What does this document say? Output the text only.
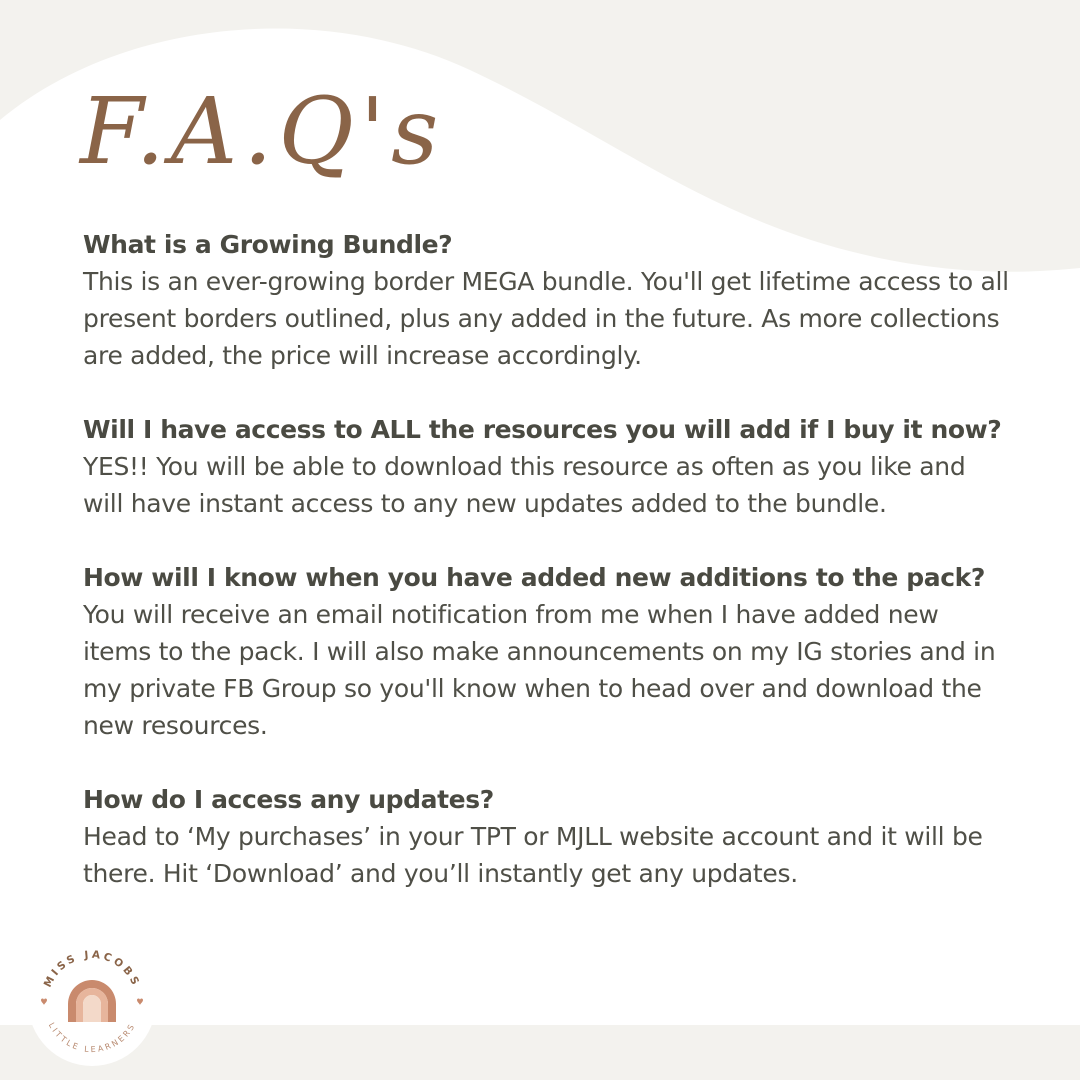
F.A.Q's
What is a Growing Bundle?
This is an ever-growing border MEGA bundle. You'll get lifetime access to all present borders outlined, plus any added in the future. As more collections are added, the price will increase accordingly.
Will I have access to ALL the resources you will add if I buy it now?
YES!! You will be able to download this resource as often as you like and will have instant access to any new updates added to the bundle.
How will I know when you have added new additions to the pack?
You will receive an email notification from me when I have added new items to the pack. I will also make announcements on my IG stories and in my private FB Group so you'll know when to head over and download the new resources.
How do I access any updates?
Head to ‘My purchases’ in your TPT or MJLL website account and it will be there. Hit ‘Download’ and you’ll instantly get any updates.
MISS JACOBS
LITTLE LEARNERS
